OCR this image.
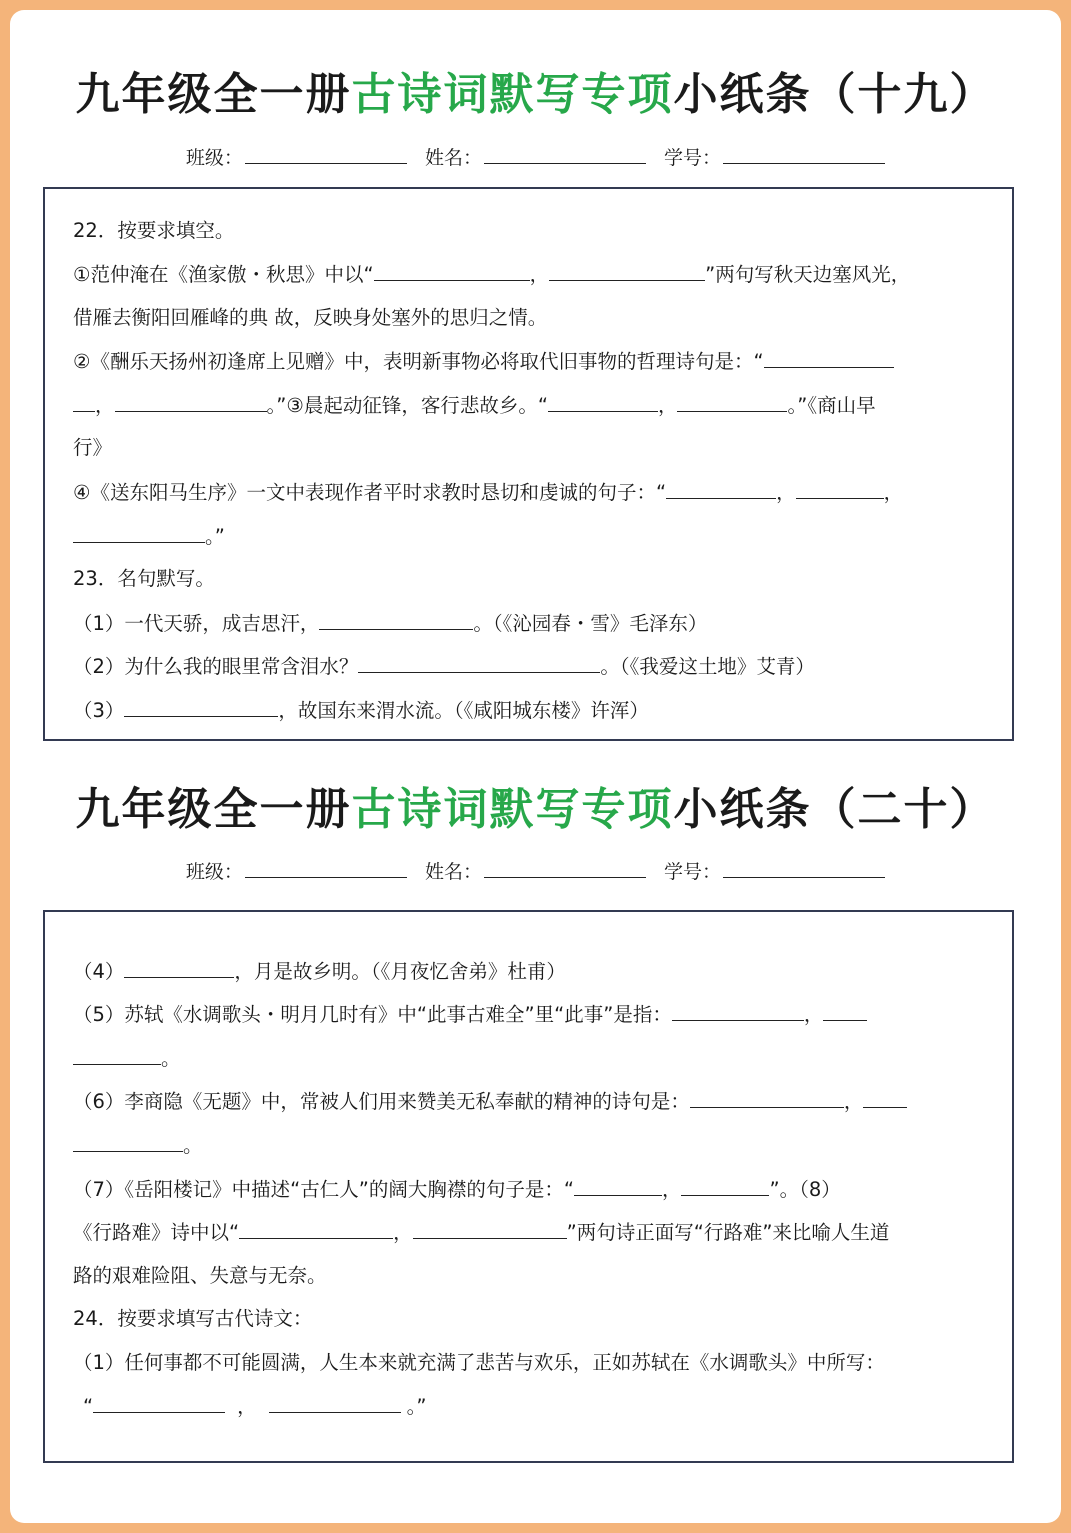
九年级全一册古诗词默写专项小纸条（十九）
班级：	姓名：	学号：
22．按要求填空。
①范仲淹在《渔家傲・秋思》中以“	，	”两句写秋天边塞风光，
借雁去衡阳回雁峰的典 故，反映身处塞外的思归之情。
②《酬乐天扬州初逢席上见赠》中，表明新事物必将取代旧事物的哲理诗句是：“
，	。”③晨起动征锋，客行悲故乡。“	，	。”《商山早
行》
④《送东阳马生序》一文中表现作者平时求教时恳切和虔诚的句子：“	，	，
。”
23．名句默写。
（1）一代天骄，成吉思汗，	。（《沁园春・雪》毛泽东）
（2）为什么我的眼里常含泪水？	。（《我爱这土地》艾青）
（3）	，故国东来渭水流。（《咸阳城东楼》许浑）
九年级全一册古诗词默写专项小纸条（二十）
班级：	姓名：	学号：
（4）	，月是故乡明。（《月夜忆舍弟》杜甫）
（5）苏轼《水调歌头・明月几时有》中“此事古难全”里“此事”是指：	，
。
（6）李商隐《无题》中，常被人们用来赞美无私奉献的精神的诗句是：	，
。
（7）《岳阳楼记》中描述“古仁人”的阔大胸襟的句子是：“	，	”。（8）
《行路难》诗中以“	，	”两句诗正面写“行路难”来比喻人生道
路的艰难险阻、失意与无奈。
24．按要求填写古代诗文：
（1）任何事都不可能圆满，人生本来就充满了悲苦与欢乐，正如苏轼在《水调歌头》中所写：
“	，	。”
